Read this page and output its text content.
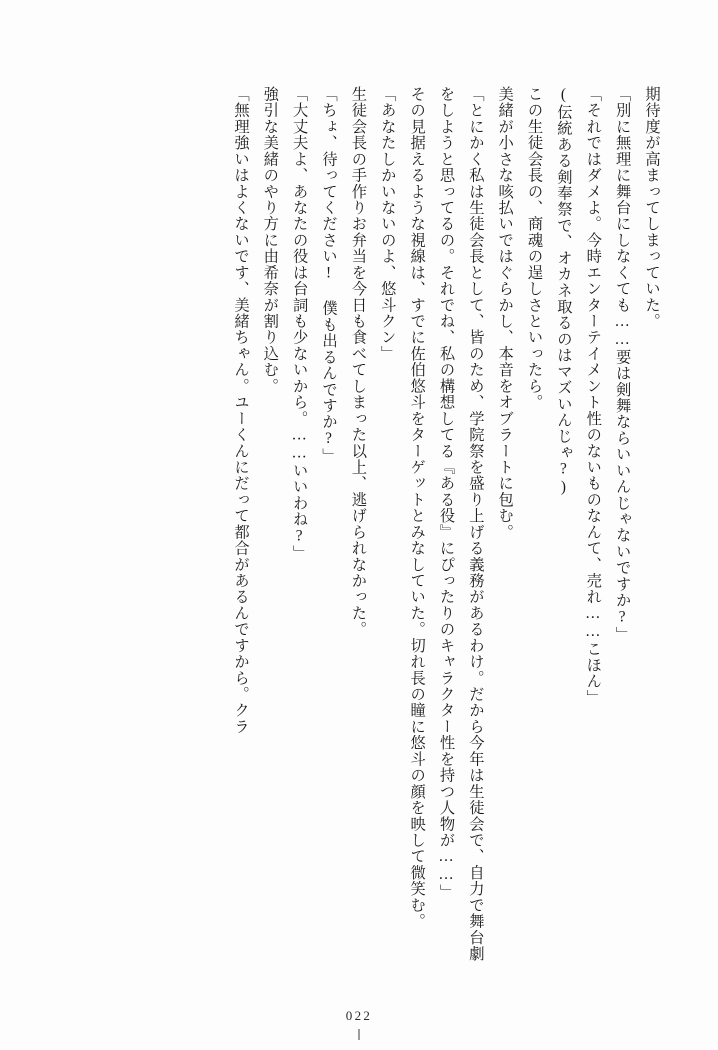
期待度が高まってしまっていた。
「別に無理に舞台にしなくても……要は剣舞ならいいんじゃないですか?」
「それではダメよ。今時エンターテイメント性のないものなんて、売れ……こほん」
(伝統ある剣奉祭で、オカネ取るのはマズいんじゃ?)
この生徒会長の、商魂の逞しさといったら。
美緒が小さな咳払いではぐらかし、本音をオブラートに包む。
「とにかく私は生徒会長として、皆のため、学院祭を盛り上げる義務があるわけ。だから今年は生徒会で、自力で舞台劇をしようと思ってるの。それでね、私の構想してる『ある役』にぴったりのキャラクター性を持つ人物が……」
その見据えるような視線は、すでに佐伯悠斗をターゲットとみなしていた。切れ長の瞳に悠斗の顔を映して微笑む。
「あなたしかいないのよ、悠斗クン」
生徒会長の手作りお弁当を今日も食べてしまった以上、逃げられなかった。
「ちょ、待ってください! 僕も出るんですか?」
「大丈夫よ、あなたの役は台詞も少ないから。……いいわね?」
強引な美緒のやり方に由希奈が割り込む。
「無理強いはよくないです、美緒ちゃん。ユーくんにだって都合があるんですから。クラ
022
